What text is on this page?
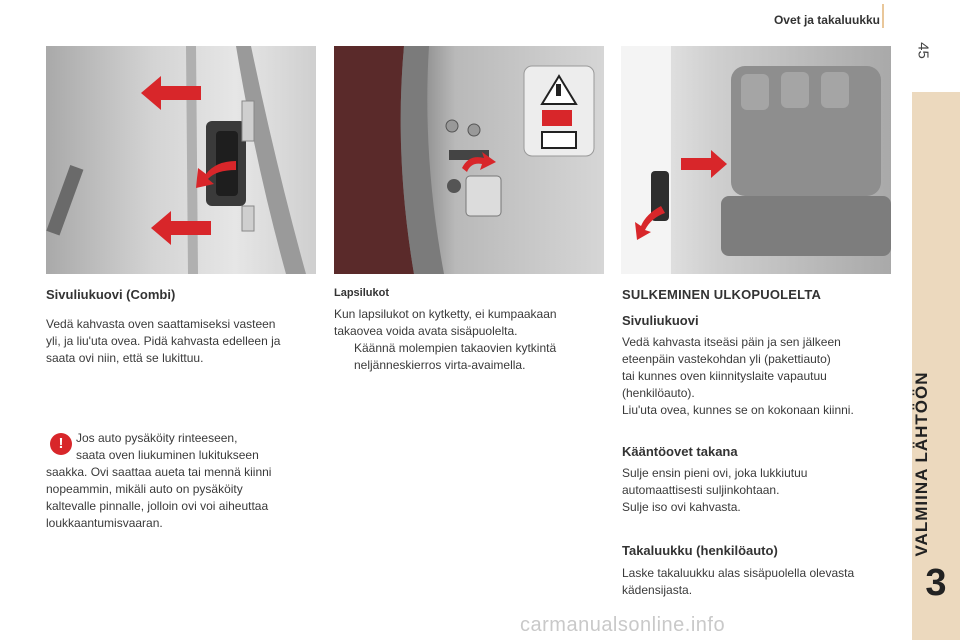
Ovet ja takaluukku
45
VALMIINA LÄHTÖÖN
3
Sivuliukuovi (Combi)
Vedä kahvasta oven saattamiseksi vasteen
yli, ja liu'uta ovea. Pidä kahvasta edelleen ja
saata ovi niin, että se lukittuu.
!	Jos auto pysäköity rinteeseen,
saata oven liukuminen lukitukseen
saakka. Ovi saattaa aueta tai mennä kiinni
nopeammin, mikäli auto on pysäköity
kaltevalle pinnalle, jolloin ovi voi aiheuttaa
loukkaantumisvaaran.
Lapsilukot
Kun lapsilukot on kytketty, ei kumpaakaan
takaovea voida avata sisäpuolelta.
Käännä molempien takaovien kytkintä
neljänneskierros virta-avaimella.
SULKEMINEN ULKOPUOLELTA
Sivuliukuovi
Vedä kahvasta itseäsi päin ja sen jälkeen
eteenpäin vastekohdan yli (pakettiauto)
tai kunnes oven kiinnityslaite vapautuu
(henkilöauto).
Liu'uta ovea, kunnes se on kokonaan kiinni.
Kääntöovet takana
Sulje ensin pieni ovi, joka lukkiutuu
automaattisesti suljinkohtaan.
Sulje iso ovi kahvasta.
Takaluukku (henkilöauto)
Laske takaluukku alas sisäpuolella olevasta
kädensijasta.
carmanualsonline.info
